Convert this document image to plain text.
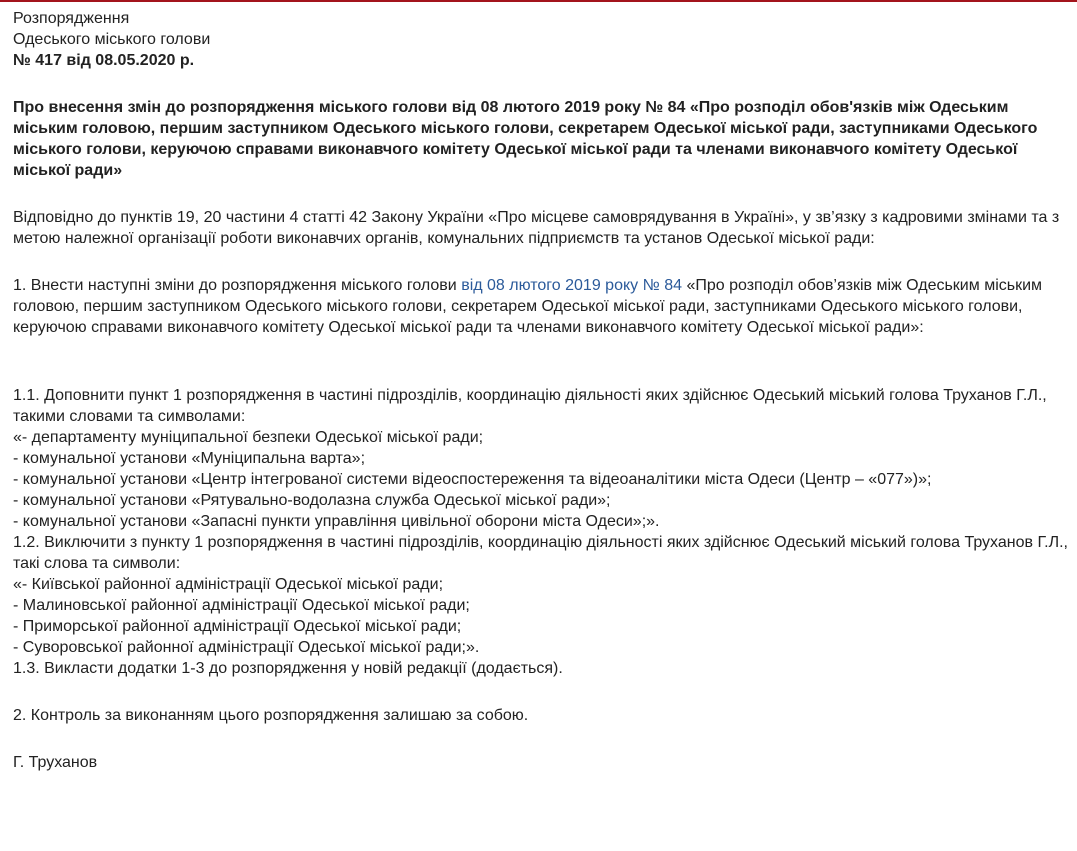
Розпорядження

Одеського міського голови

№ 417 від 08.05.2020 р.

Про внесення змін до розпорядження міського голови від 08 лютого 2019 року № 84 «Про розподіл обов'язків між Одеським міським головою, першим заступником Одеського міського голови, секретарем Одеської міської ради, заступниками Одеського міського голови, керуючою справами виконавчого комітету Одеської міської ради та членами виконавчого комітету Одеської міської ради»

Відповідно до пунктів 19, 20 частини 4 статті 42 Закону України «Про місцеве самоврядування в Україні», у зв’язку з кадровими змінами та з метою належної організації роботи виконавчих органів, комунальних підприємств та установ Одеської міської ради:

1. Внести наступні зміни до розпорядження міського голови від 08 лютого 2019 року № 84 «Про розподіл обов’язків між Одеським міським головою, першим заступником Одеського міського голови, секретарем Одеської міської ради, заступниками Одеського міського голови, керуючою справами виконавчого комітету Одеської міської ради та членами виконавчого комітету Одеської міської ради»:

1.1. Доповнити пункт 1 розпорядження в частині підрозділів, координацію діяльності яких здійснює Одеський міський голова Труханов Г.Л., такими словами та символами:

«- департаменту муніципальної безпеки Одеської міської ради;

- комунальної установи «Муніципальна варта»;

- комунальної установи «Центр інтегрованої системи відеоспостереження та відеоаналітики міста Одеси (Центр – «077»)»;

- комунальної установи «Рятувально-водолазна служба Одеської міської ради»;

- комунальної установи «Запасні пункти управління цивільної оборони міста Одеси»;».

1.2. Виключити з пункту 1 розпорядження в частині підрозділів, координацію діяльності яких здійснює Одеський міський голова Труханов Г.Л., такі слова та символи:

«- Київської районної адміністрації Одеської міської ради;

- Малиновської районної адміністрації Одеської міської ради;

- Приморської районної адміністрації Одеської міської ради;

- Суворовської районної адміністрації Одеської міської ради;».

1.3. Викласти додатки 1-3 до розпорядження у новій редакції (додається).

2. Контроль за виконанням цього розпорядження залишаю за собою.

Г. Труханов
